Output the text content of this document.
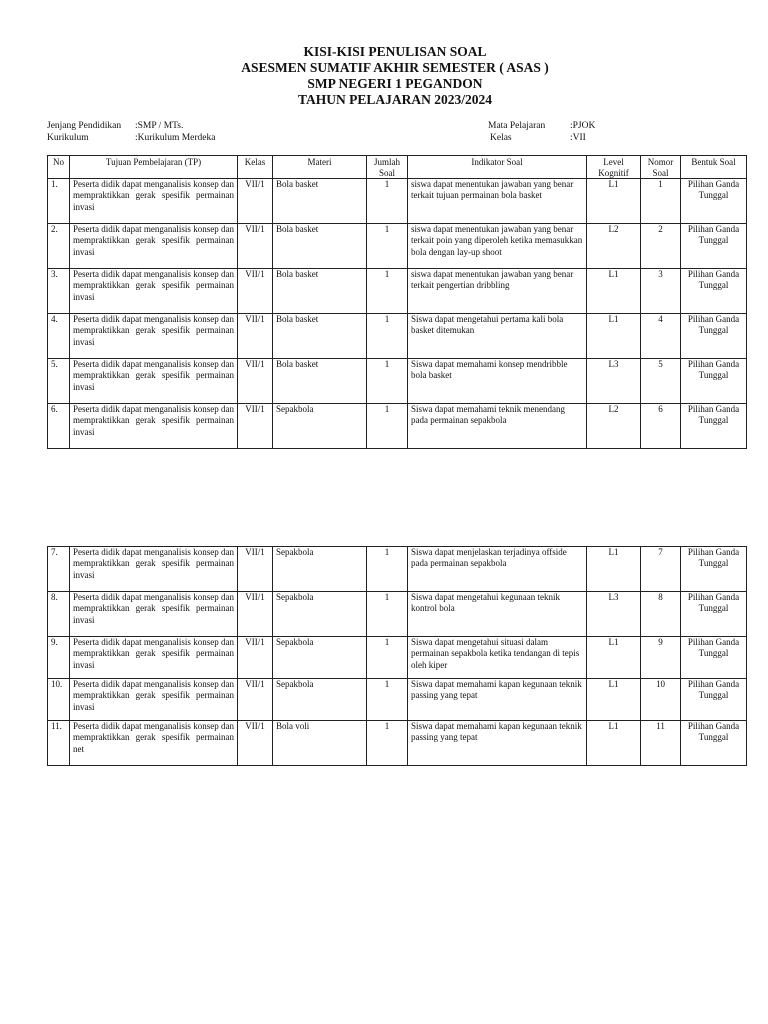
KISI-KISI PENULISAN SOAL
ASESMEN SUMATIF AKHIR SEMESTER ( ASAS )
SMP NEGERI 1 PEGANDON
TAHUN PELAJARAN 2023/2024
Jenjang Pendidikan	:SMP / MTs.
Kurikulum	:Kurikulum Merdeka
Mata Pelajaran	:PJOK
Kelas	:VII
No	Tujuan Pembelajaran (TP)	Kelas	Materi	Jumlah Soal	Indikator Soal	Level Kognitif	Nomor Soal	Bentuk Soal
1.	Peserta didik dapat menganalisis konsep dan mempraktikkan gerak spesifik permainan invasi	VII/1	Bola basket	1	siswa dapat menentukan jawaban yang benar terkait tujuan permainan bola basket	L1	1	Pilihan Ganda Tunggal
2.	Peserta didik dapat menganalisis konsep dan mempraktikkan gerak spesifik permainan invasi	VII/1	Bola basket	1	siswa dapat menentukan jawaban yang benar terkait poin yang diperoleh ketika memasukkan bola dengan lay-up shoot	L2	2	Pilihan Ganda Tunggal
3.	Peserta didik dapat menganalisis konsep dan mempraktikkan gerak spesifik permainan invasi	VII/1	Bola basket	1	siswa dapat menentukan jawaban yang benar terkait pengertian dribbling	L1	3	Pilihan Ganda Tunggal
4.	Peserta didik dapat menganalisis konsep dan mempraktikkan gerak spesifik permainan invasi	VII/1	Bola basket	1	Siswa dapat mengetahui pertama kali bola basket ditemukan	L1	4	Pilihan Ganda Tunggal
5.	Peserta didik dapat menganalisis konsep dan mempraktikkan gerak spesifik permainan invasi	VII/1	Bola basket	1	Siswa dapat memahami konsep mendribble bola basket	L3	5	Pilihan Ganda Tunggal
6.	Peserta didik dapat menganalisis konsep dan mempraktikkan gerak spesifik permainan invasi	VII/1	Sepakbola	1	Siswa dapat memahami teknik menendang pada permainan sepakbola	L2	6	Pilihan Ganda Tunggal
7.	Peserta didik dapat menganalisis konsep dan mempraktikkan gerak spesifik permainan invasi	VII/1	Sepakbola	1	Siswa dapat menjelaskan terjadinya offside pada permainan sepakbola	L1	7	Pilihan Ganda Tunggal
8.	Peserta didik dapat menganalisis konsep dan mempraktikkan gerak spesifik permainan invasi	VII/1	Sepakbola	1	Siswa dapat mengetahui kegunaan teknik kontrol bola	L3	8	Pilihan Ganda Tunggal
9.	Peserta didik dapat menganalisis konsep dan mempraktikkan gerak spesifik permainan invasi	VII/1	Sepakbola	1	Siswa dapat mengetahui situasi dalam permainan sepakbola ketika tendangan di tepis oleh kiper	L1	9	Pilihan Ganda Tunggal
10.	Peserta didik dapat menganalisis konsep dan mempraktikkan gerak spesifik permainan invasi	VII/1	Sepakbola	1	Siswa dapat memahami kapan kegunaan teknik passing yang tepat	L1	10	Pilihan Ganda Tunggal
11.	Peserta didik dapat menganalisis konsep dan mempraktikkan gerak spesifik permainan net	VII/1	Bola voli	1	Siswa dapat memahami kapan kegunaan teknik passing yang tepat	L1	11	Pilihan Ganda Tunggal
